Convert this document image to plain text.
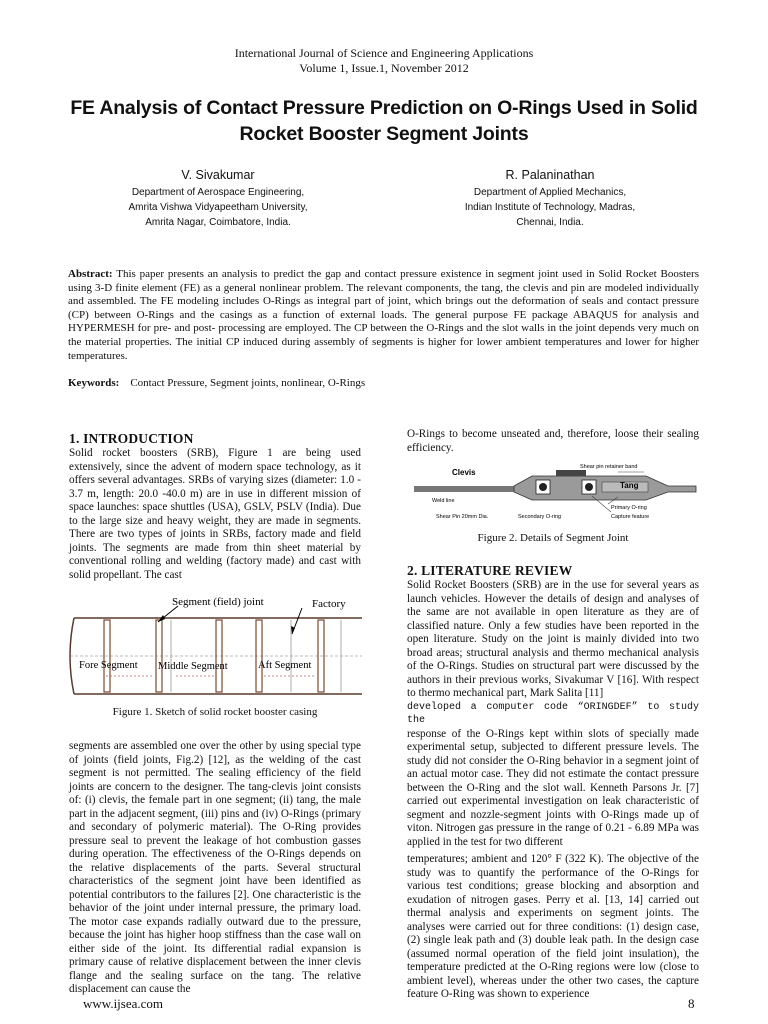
International Journal of Science and Engineering Applications
Volume 1, Issue.1, November 2012
FE Analysis of Contact Pressure Prediction on O-Rings Used in Solid
Rocket Booster Segment Joints
V. Sivakumar
Department of Aerospace Engineering,
Amrita Vishwa Vidyapeetham University,
Amrita Nagar, Coimbatore, India.
R. Palaninathan
Department of Applied Mechanics,
Indian Institute of Technology, Madras,
Chennai, India.
Abstract: This paper presents an analysis to predict the gap and contact pressure existence in segment joint used in Solid Rocket Boosters using 3-D finite element (FE) as a general nonlinear problem. The relevant components, the tang, the clevis and pin are modeled individually and assembled. The FE modeling includes O-Rings as integral part of joint, which brings out the deformation of seals and contact pressure (CP) between O-Rings and the casings as a function of external loads. The general purpose FE package ABAQUS for analysis and HYPERMESH for pre- and post- processing are employed. The CP between the O-Rings and the slot walls in the joint depends very much on the material properties. The initial CP induced during assembly of segments is higher for lower ambient temperatures and lower for higher temperatures.
Keywords: Contact Pressure, Segment joints, nonlinear, O-Rings
1. INTRODUCTION
Solid rocket boosters (SRB), Figure 1 are being used extensively, since the advent of modern space technology, as it offers several advantages. SRBs of varying sizes (diameter: 1.0 - 3.7 m, length: 20.0 -40.0 m) are in use in different mission of space launches: space shuttles (USA), GSLV, PSLV (India). Due to the large size and heavy weight, they are made in segments. There are two types of joints in SRBs, factory made and field joints. The segments are made from thin sheet material by conventional rolling and welding (factory made) and cast with solid propellant. The cast
Segment (field) joint	Factory
Fore Segment Middle Segment	Aft Segment
Figure 1. Sketch of solid rocket booster casing
segments are assembled one over the other by using special type of joints (field joints, Fig.2) [12], as the welding of the cast segment is not permitted. The sealing efficiency of the field joints are concern to the designer. The tang-clevis joint consists of: (i) clevis, the female part in one segment; (ii) tang, the male part in the adjacent segment, (iii) pins and (iv) O-Rings (primary and secondary of polymeric material). The O-Ring provides pressure seal to prevent the leakage of hot combustion gasses during operation. The effectiveness of the O-Rings depends on the relative displacements of the parts. Several structural characteristics of the segment joint have been identified as potential contributors to the failures [2]. One characteristic is the behavior of the joint under internal pressure, the primary load. The motor case expands radially outward due to the pressure, because the joint has higher hoop stiffness than the case wall on either side of the joint. Its differential radial expansion is primary cause of relative displacement between the inner clevis flange and the sealing surface on the tang. The relative displacement can cause the
O-Rings to become unseated and, therefore, loose their sealing efficiency.
Clevis
Tang
Shear pin retainer band
Weld line
Shear Pin 20mm Dia.	Secondary O-ring
Primary O-ring
Capture feature
Figure 2. Details of Segment Joint
2. LITERATURE REVIEW
Solid Rocket Boosters (SRB) are in the use for several years as launch vehicles. However the details of design and analyses of the same are not available in open literature as they are of classified nature. Only a few studies have been reported in the open literature. Study on the joint is mainly divided into two broad areas; structural analysis and thermo mechanical analysis of the O-Rings. Studies on structural part were discussed by the authors in their previous works, Sivakumar V [16]. With respect to thermo mechanical part, Mark Salita [11]
developed a computer code “ORINGDEF” to study the
response of the O-Rings kept within slots of specially made experimental setup, subjected to different pressure levels. The study did not consider the O-Ring behavior in a segment joint of an actual motor case. They did not estimate the contact pressure between the O-Ring and the slot wall. Kenneth Parsons Jr. [7] carried out experimental investigation on leak characteristic of segment and nozzle-segment joints with O-Rings made up of viton. Nitrogen gas pressure in the range of 0.21 - 6.89 MPa was applied in the test for two different
temperatures; ambient and 120° F (322 K). The objective of the study was to quantify the performance of the O-Rings for various test conditions; grease blocking and absorption and exudation of nitrogen gases. Perry et al. [13, 14] carried out thermal analysis and experiments on segment joints. The analyses were carried out for three conditions: (1) design case, (2) single leak path and (3) double leak path. In the design case (assumed normal operation of the field joint insulation), the temperature predicted at the O-Ring regions were low (close to ambient level), whereas under the other two cases, the capture feature O-Ring was shown to experience
www.ijsea.com	8
